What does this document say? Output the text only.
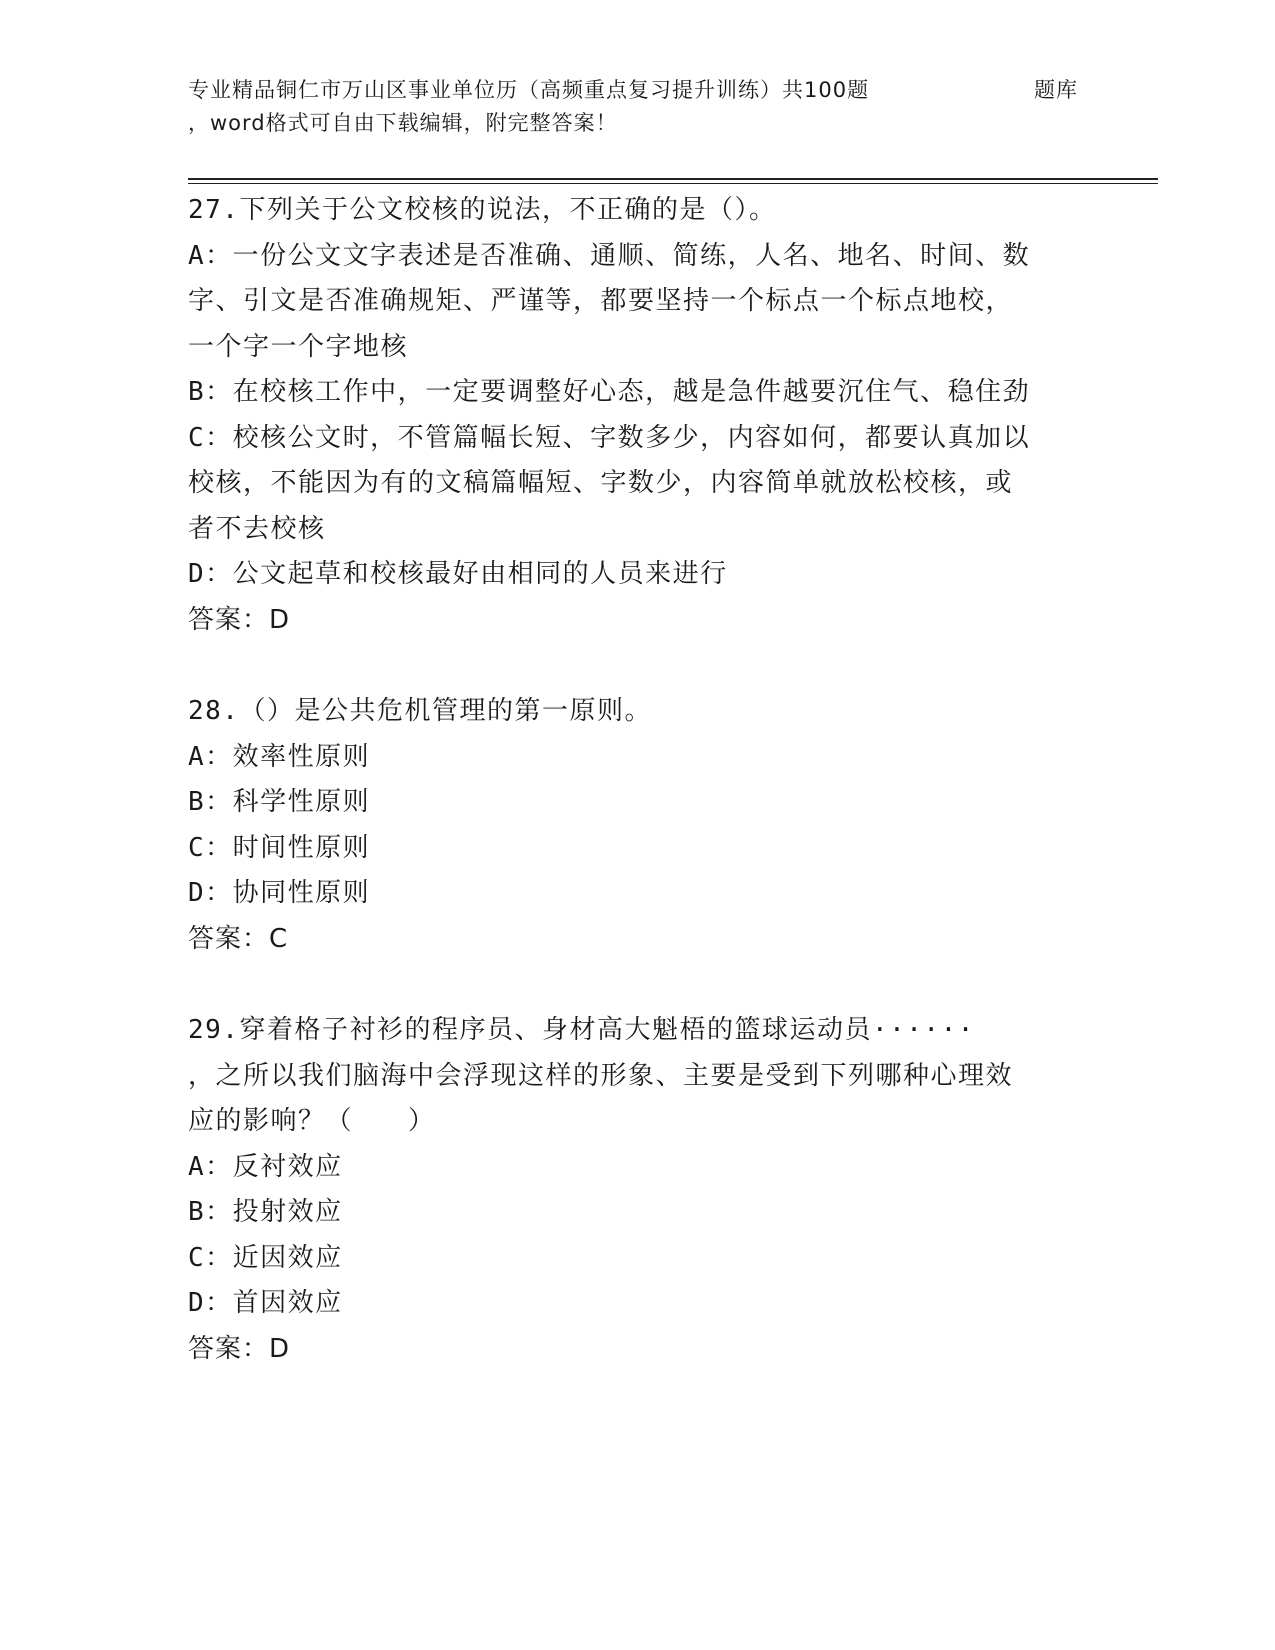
专业精品铜仁市万山区事业单位历（高频重点复习提升训练）共100题
，word格式可自由下载编辑，附完整答案！
题库
27.下列关于公文校核的说法，不正确的是（）。
A：一份公文文字表述是否准确、通顺、简练，人名、地名、时间、数
字、引文是否准确规矩、严谨等，都要坚持一个标点一个标点地校，
一个字一个字地核
B：在校核工作中，一定要调整好心态，越是急件越要沉住气、稳住劲
C：校核公文时，不管篇幅长短、字数多少，内容如何，都要认真加以
校核，不能因为有的文稿篇幅短、字数少，内容简单就放松校核，或
者不去校核
D：公文起草和校核最好由相同的人员来进行
答案：D
28.（）是公共危机管理的第一原则。
A：效率性原则
B：科学性原则
C：时间性原则
D：协同性原则
答案：C
29.穿着格子衬衫的程序员、身材高大魁梧的篮球运动员······
，之所以我们脑海中会浮现这样的形象、主要是受到下列哪种心理效
应的影响？（　　）
A：反衬效应
B：投射效应
C：近因效应
D：首因效应
答案：D
